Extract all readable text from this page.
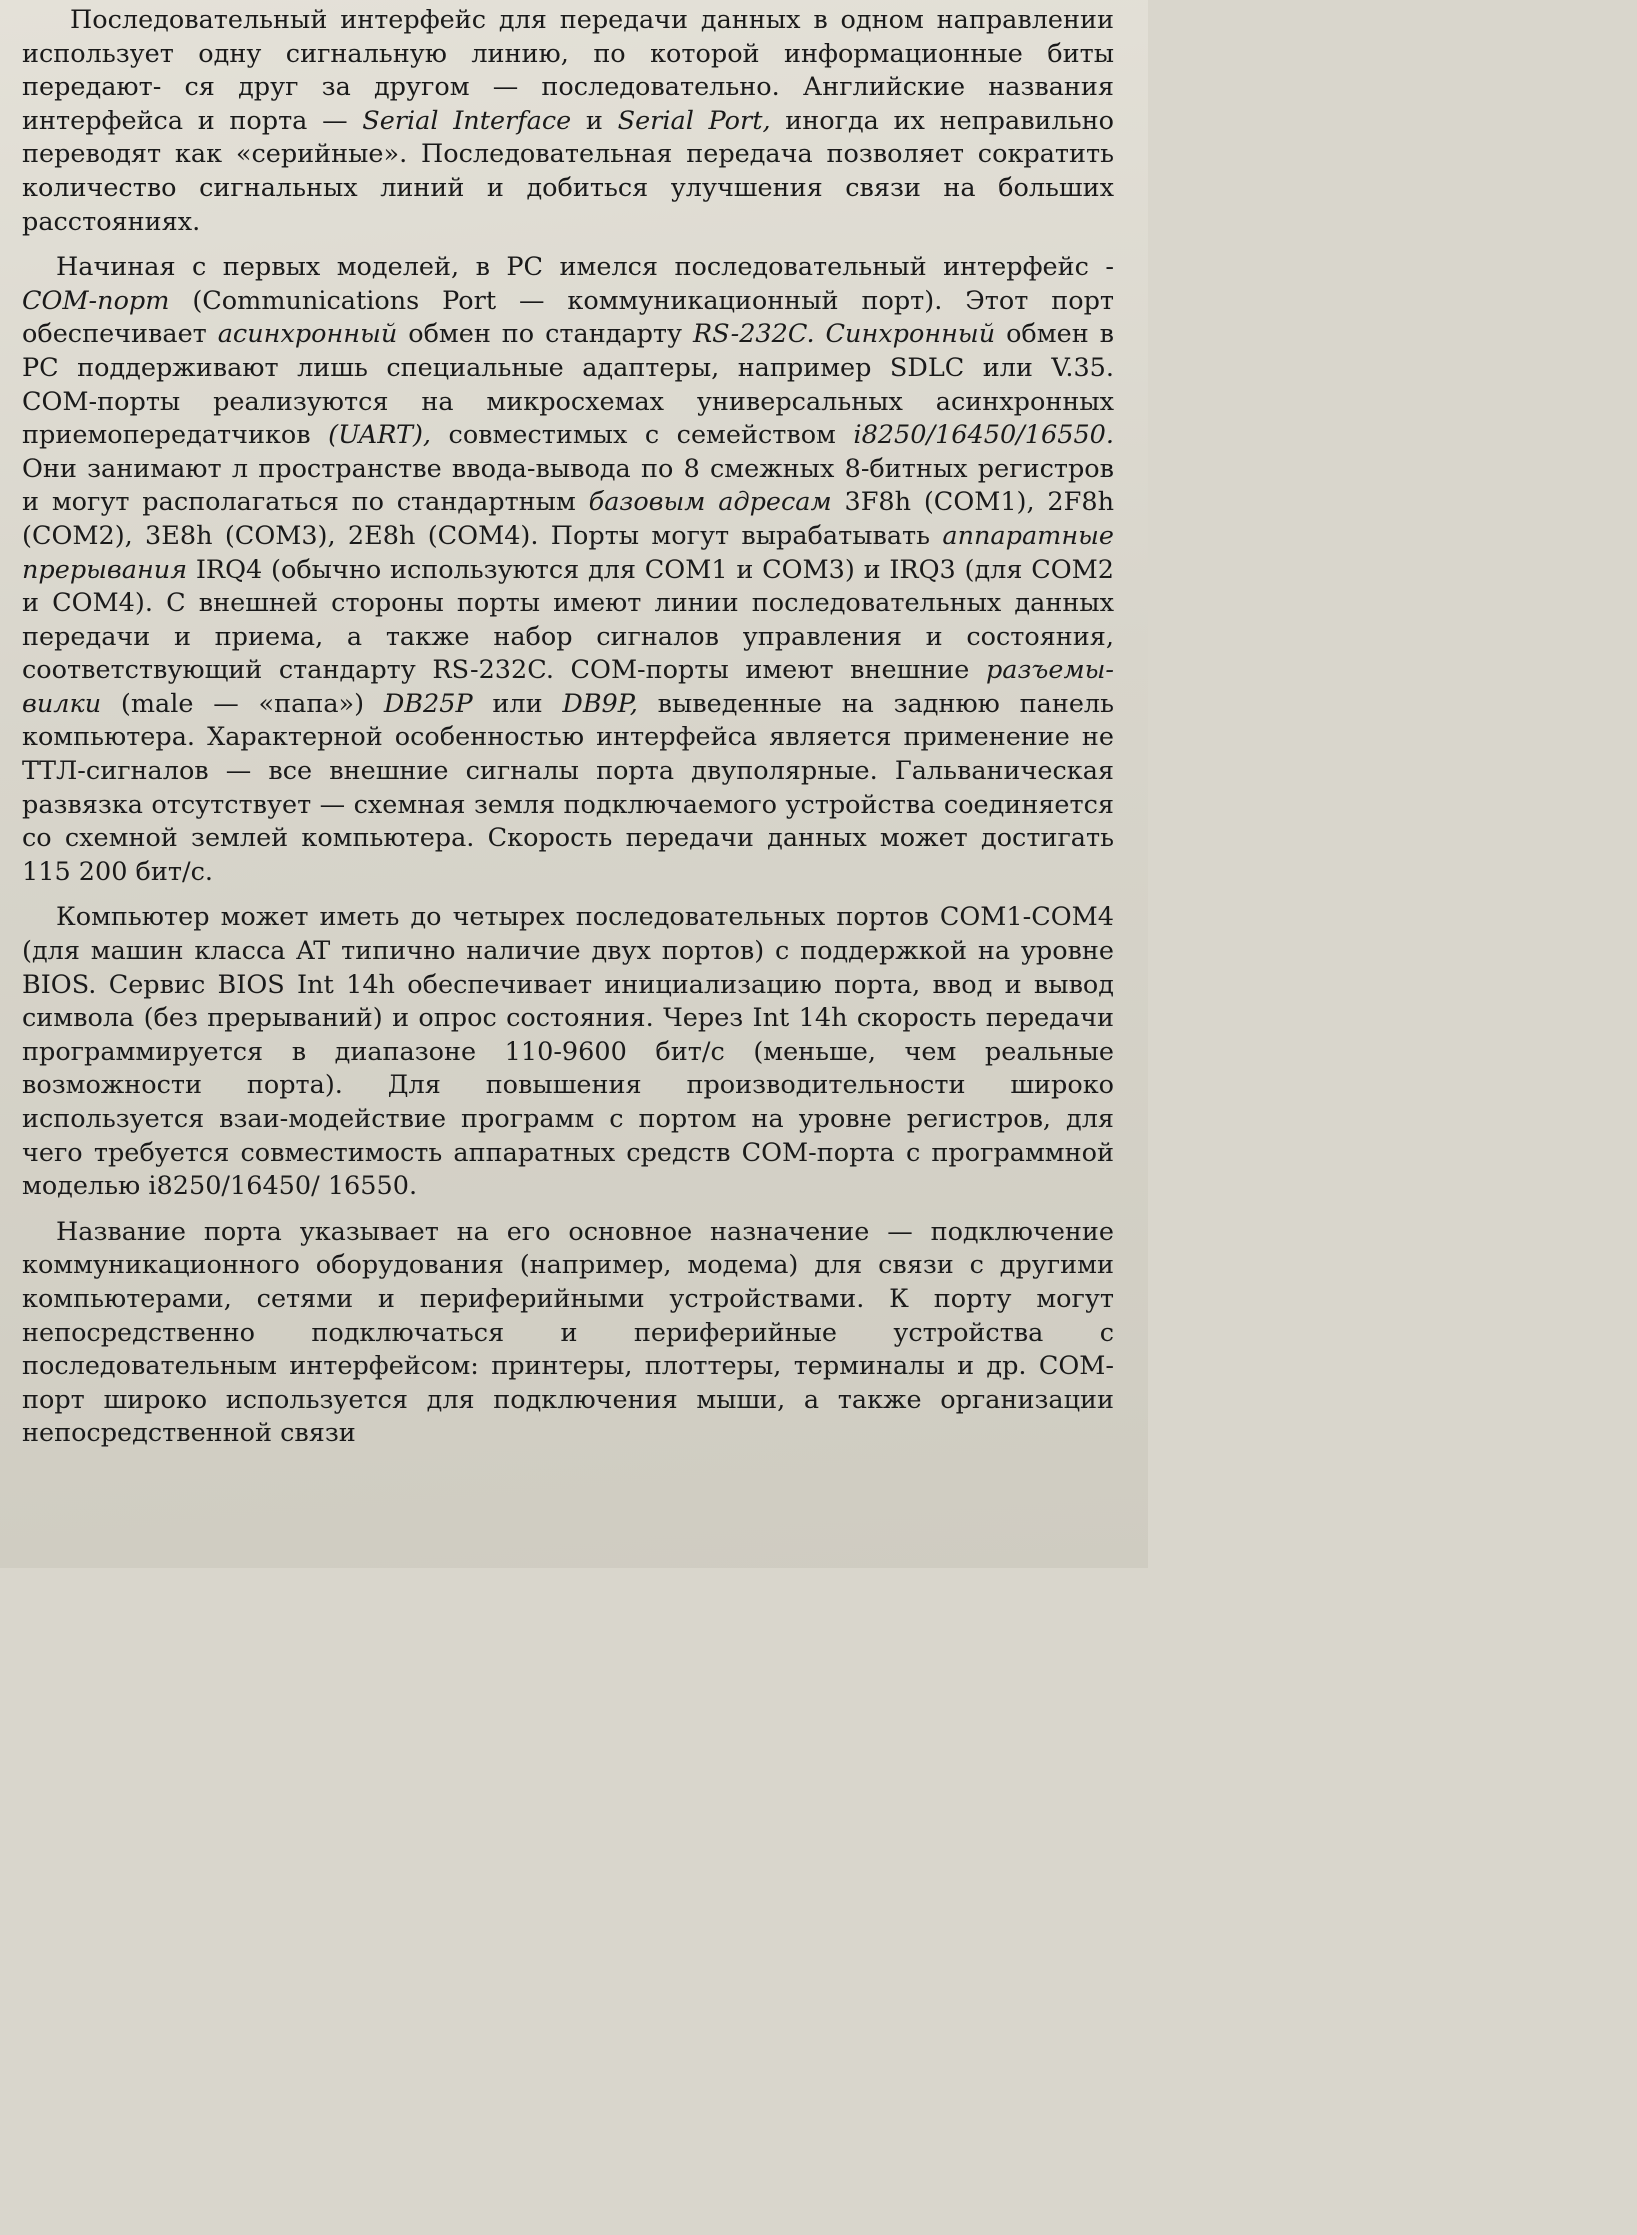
Последовательный интерфейс для передачи данных в одном направлении использует одну сигнальную линию, по которой информационные биты передают- ся друг за другом — последовательно. Английские названия интерфейса и порта — Serial Interface и Serial Port, иногда их неправильно переводят как «серийные». Последовательная передача позволяет сократить количество сигнальных линий и добиться улучшения связи на больших расстояниях.

Начиная с первых моделей, в PC имелся последовательный интерфейс - COM-порт (Communications Port — коммуникационный порт). Этот порт обеспечивает асинхронный обмен по стандарту RS-232C. Синхронный обмен в PC поддерживают лишь специальные адаптеры, например SDLC или V.35. COM-порты реализуются на микросхемах универсальных асинхронных приемопередатчиков (UART), совместимых с семейством i8250/16450/16550. Они занимают л пространстве ввода-вывода по 8 смежных 8-битных регистров и могут располагаться по стандартным базовым адресам 3F8h (COM1), 2F8h (COM2), 3E8h (COM3), 2E8h (COM4). Порты могут вырабатывать аппаратные прерывания IRQ4 (обычно используются для COM1 и COM3) и IRQ3 (для COM2 и COM4). С внешней стороны порты имеют линии последовательных данных передачи и приема, а также набор сигналов управления и состояния, соответствующий стандарту RS-232C. COM-порты имеют внешние разъемы-вилки (male — «папа») DB25P или DB9P, выведенные на заднюю панель компьютера. Характерной особенностью интерфейса является применение не ТТЛ-сигналов — все внешние сигналы порта двуполярные. Гальваническая развязка отсутствует — схемная земля подключаемого устройства соединяется со схемной землей компьютера. Скорость передачи данных может достигать 115 200 бит/с.

Компьютер может иметь до четырех последовательных портов COM1-COM4 (для машин класса AT типично наличие двух портов) с поддержкой на уровне BIOS. Сервис BIOS Int 14h обеспечивает инициализацию порта, ввод и вывод символа (без прерываний) и опрос состояния. Через Int 14h скорость передачи программируется в диапазоне 110-9600 бит/с (меньше, чем реальные возможности порта). Для повышения производительности широко используется взаи-модействие программ с портом на уровне регистров, для чего требуется совместимость аппаратных средств COM-порта с программной моделью i8250/16450/ 16550.

Название порта указывает на его основное назначение — подключение коммуникационного оборудования (например, модема) для связи с другими компьютерами, сетями и периферийными устройствами. К порту могут непосредственно подключаться и периферийные устройства с последовательным интерфейсом: принтеры, плоттеры, терминалы и др. COM-порт широко используется для подключения мыши, а также организации непосредственной связи
